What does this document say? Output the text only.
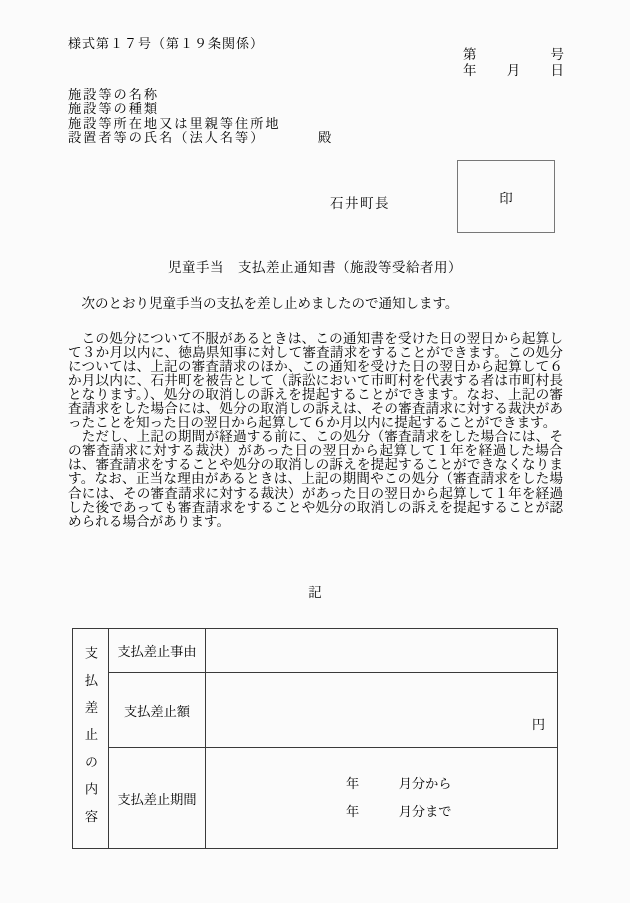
様式第１７号（第１９条関係）
第	号
年 月 日
施設等の名称
施設等の種類
施設等所在地又は里親等住所地
設置者等の氏名（法人名等）	殿
石井町長	印
児童手当　支払差止通知書（施設等受給者用）
次のとおり児童手当の支払を差し止めましたので通知します。

この処分について不服があるときは、この通知書を受けた日の翌日から起算して３か月以内に、徳島県知事に対して審査請求をすることができます。この処分については、上記の審査請求のほか、この通知を受けた日の翌日から起算して６か月以内に、石井町を被告として（訴訟において市町村を代表する者は市町村長となります。）、処分の取消しの訴えを提起することができます。なお、上記の審査請求をした場合には、処分の取消しの訴えは、その審査請求に対する裁決があったことを知った日の翌日から起算して６か月以内に提起することができます。

ただし、上記の期間が経過する前に、この処分（審査請求をした場合には、その審査請求に対する裁決）があった日の翌日から起算して１年を経過した場合は、審査請求をすることや処分の取消しの訴えを提起することができなくなります。なお、正当な理由があるときは、上記の期間やこの処分（審査請求をした場合には、その審査請求に対する裁決）があった日の翌日から起算して１年を経過した後であっても審査請求をすることや処分の取消しの訴えを提起することが認められる場合があります。

記
支払差止の内容	支払差止事由	
	支払差止額	円
	支払差止期間	年　　　月分から
年　　　月分まで
